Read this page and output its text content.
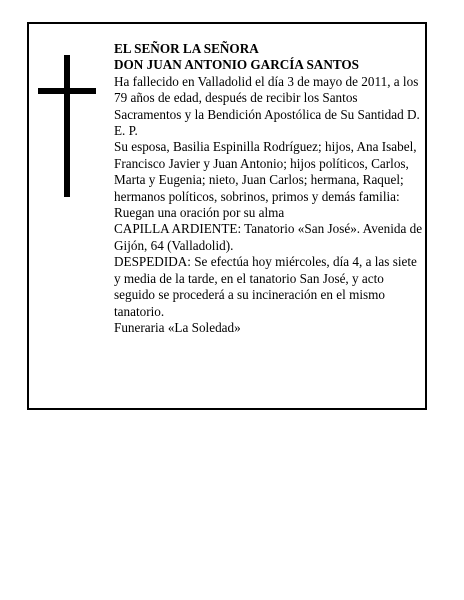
EL SEÑOR LA SEÑORA

DON JUAN ANTONIO GARCÍA SANTOS

Ha fallecido en Valladolid el día 3 de mayo de 2011, a los 79 años de edad, después de recibir los Santos Sacramentos y la Bendición Apostólica de Su Santidad D. E. P.

Su esposa, Basilia Espinilla Rodríguez; hijos, Ana Isabel, Francisco Javier y Juan Antonio; hijos políticos, Carlos, Marta y Eugenia; nieto, Juan Carlos; hermana, Raquel; hermanos políticos, sobrinos, primos y demás familia:

Ruegan una oración por su alma

CAPILLA ARDIENTE: Tanatorio «San José». Avenida de Gijón, 64 (Valladolid).

DESPEDIDA: Se efectúa hoy miércoles, día 4, a las siete y media de la tarde, en el tanatorio San José, y acto seguido se procederá a su incineración en el mismo tanatorio.

Funeraria «La Soledad»
